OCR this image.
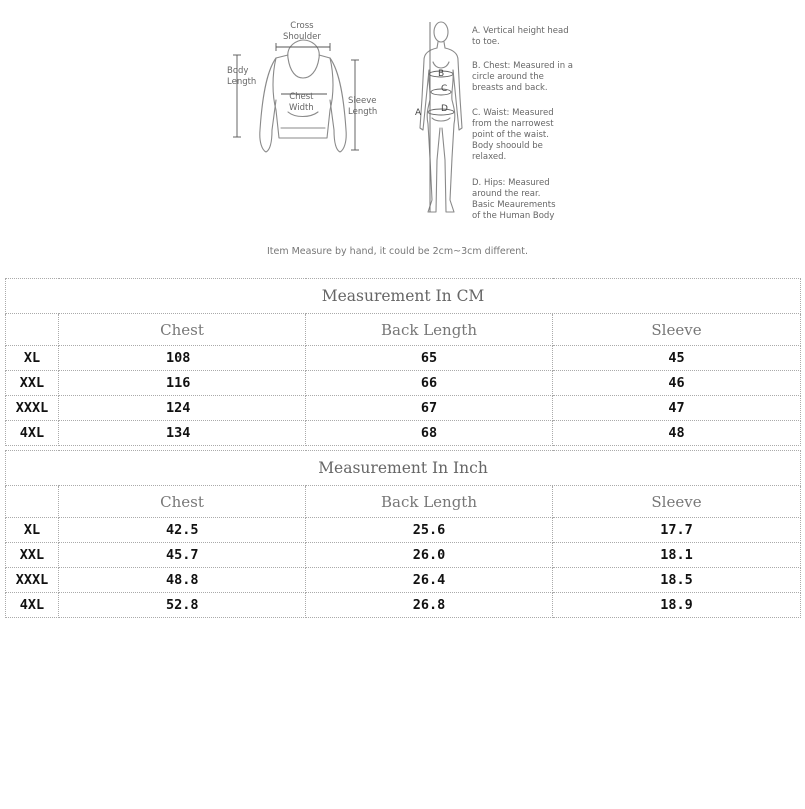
Cross
Shoulder
Body
Length
Chest
Width
Sleeve
Length	A
B
C
D
A. Vertical height head
to toe.
B. Chest: Measured in a
circle around the
breasts and back.
C. Waist: Measured
from the narrowest
point of the waist.
Body shoould be
relaxed.
D. Hips: Measured
around the rear.
Basic Meaurements
of the Human Body
Item Measure by hand, it could be 2cm~3cm different.
Measurement In CM			
	Chest	Back Length	Sleeve
XL	108	65	45
XXL	116	66	46
XXXL	124	67	47
4XL	134	68	48
Measurement In Inch			
	Chest	Back Length	Sleeve
XL	42.5	25.6	17.7
XXL	45.7	26.0	18.1
XXXL	48.8	26.4	18.5
4XL	52.8	26.8	18.9
